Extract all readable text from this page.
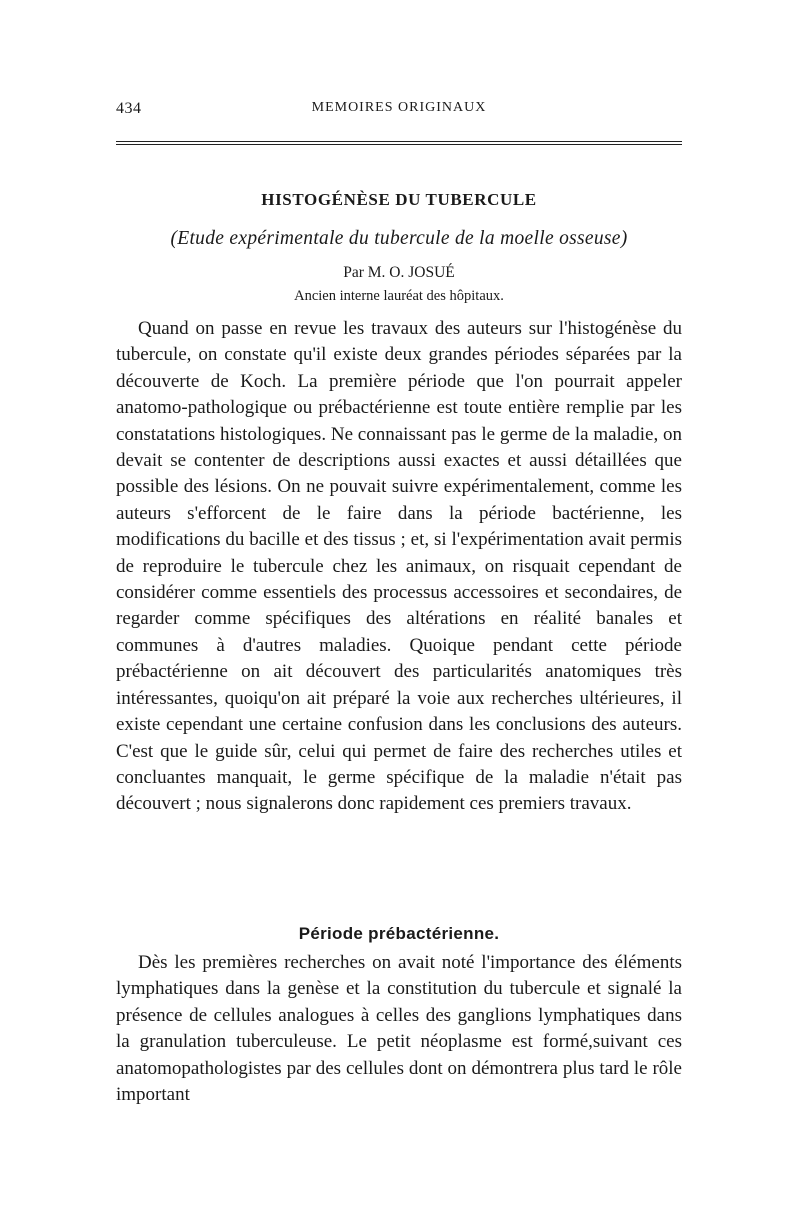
434	MEMOIRES ORIGINAUX
HISTOGÉNÈSE DU TUBERCULE
(Etude expérimentale du tubercule de la moelle osseuse)
Par M. O. JOSUÉ
Ancien interne lauréat des hôpitaux.

Quand on passe en revue les travaux des auteurs sur l'histogénèse du tubercule, on constate qu'il existe deux grandes périodes séparées par la découverte de Koch. La première période que l'on pourrait appeler anatomo-pathologique ou prébactérienne est toute entière remplie par les constatations histologiques. Ne connaissant pas le germe de la maladie, on devait se contenter de descriptions aussi exactes et aussi détaillées que possible des lésions. On ne pouvait suivre expérimentalement, comme les auteurs s'efforcent de le faire dans la période bactérienne, les modifications du bacille et des tissus ; et, si l'expérimentation avait permis de reproduire le tubercule chez les animaux, on risquait cependant de considérer comme essentiels des processus accessoires et secondaires, de regarder comme spécifiques des altérations en réalité banales et communes à d'autres maladies. Quoique pendant cette période prébactérienne on ait découvert des particularités anatomiques très intéressantes, quoiqu'on ait préparé la voie aux recherches ultérieures, il existe cependant une certaine confusion dans les conclusions des auteurs. C'est que le guide sûr, celui qui permet de faire des recherches utiles et concluantes manquait, le germe spécifique de la maladie n'était pas découvert ; nous signalerons donc rapidement ces premiers travaux.

Période prébactérienne.

Dès les premières recherches on avait noté l'importance des éléments lymphatiques dans la genèse et la constitution du tubercule et signalé la présence de cellules analogues à celles des ganglions lymphatiques dans la granulation tuberculeuse. Le petit néoplasme est formé,suivant ces anatomopathologistes par des cellules dont on démontrera plus tard le rôle important
